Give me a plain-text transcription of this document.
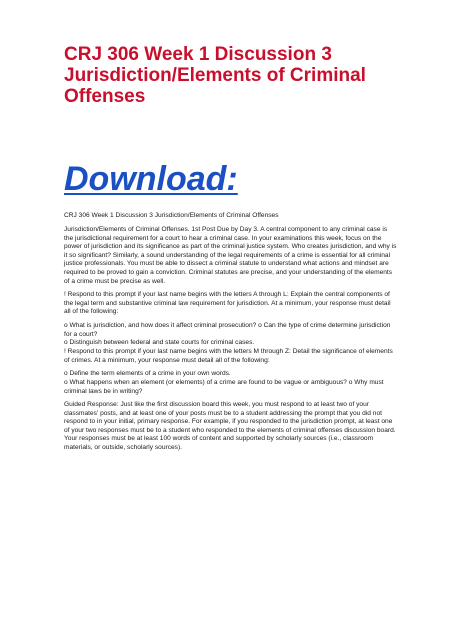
CRJ 306 Week 1 Discussion 3 Jurisdiction/Elements of Criminal Offenses
Download:

CRJ 306 Week 1 Discussion 3 Jurisdiction/Elements of Criminal Offenses

Jurisdiction/Elements of Criminal Offenses. 1st Post Due by Day 3. A central component to any criminal case is the jurisdictional requirement for a court to hear a criminal case. In your examinations this week, focus on the power of jurisdiction and its significance as part of the criminal justice system. Who creates jurisdiction, and why is it so significant? Similarly, a sound understanding of the legal requirements of a crime is essential for all criminal justice professionals. You must be able to dissect a criminal statute to understand what actions and mindset are required to be proved to gain a conviction. Criminal statutes are precise, and your understanding of the elements of a crime must be precise as well.

! Respond to this prompt if your last name begins with the letters A through L: Explain the central components of the legal term and substantive criminal law requirement for jurisdiction. At a minimum, your response must detail all of the following:

o What is jurisdiction, and how does it affect criminal prosecution? o Can the type of crime determine jurisdiction for a court?

o Distinguish between federal and state courts for criminal cases.

! Respond to this prompt if your last name begins with the letters M through Z: Detail the significance of elements of crimes. At a minimum, your response must detail all of the following:

o Define the term elements of a crime in your own words.

o What happens when an element (or elements) of a crime are found to be vague or ambiguous? o Why must criminal laws be in writing?

Guided Response: Just like the first discussion board this week, you must respond to at least two of your classmates' posts, and at least one of your posts must be to a student addressing the prompt that you did not respond to in your initial, primary response. For example, if you responded to the jurisdiction prompt, at least one of your two responses must be to a student who responded to the elements of criminal offenses discussion board. Your responses must be at least 100 words of content and supported by scholarly sources (i.e., classroom materials, or outside, scholarly sources).
